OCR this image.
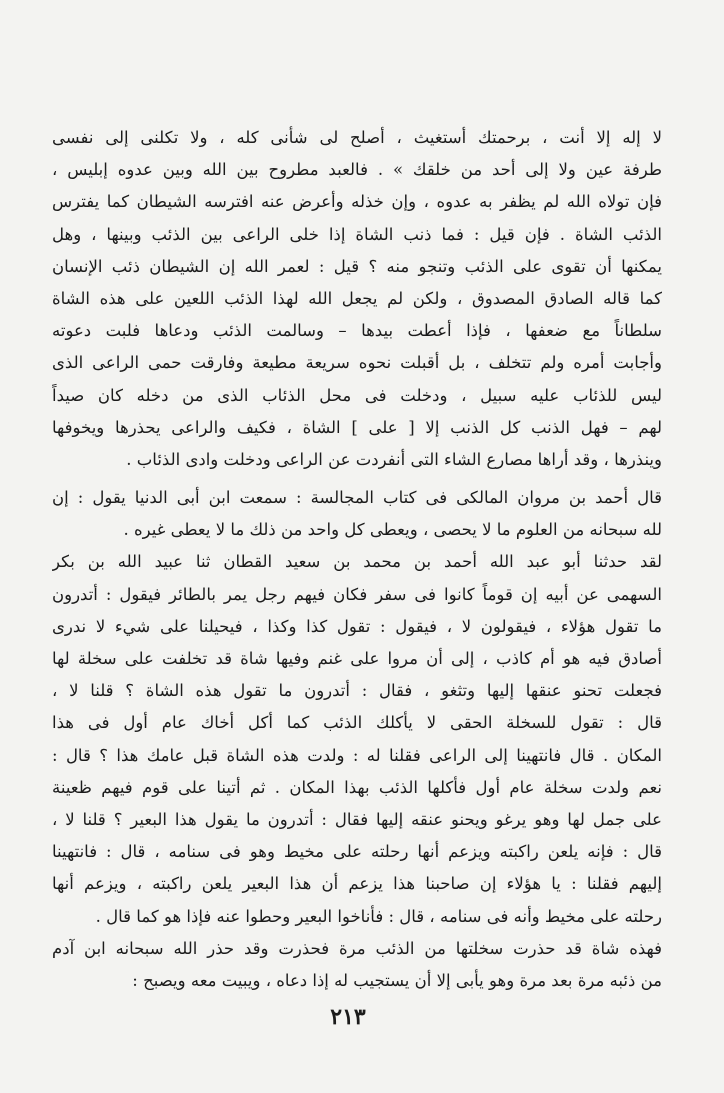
لا إله إلا أنت ، برحمتك أستغيث ، أصلح لى شأنى كله ، ولا تكلنى إلى نفسى
طرفة عين ولا إلى أحد من خلقك » . فالعبد مطروح بين الله وبين عدوه إبليس ،
فإن تولاه الله لم يظفر به عدوه ، وإن خذله وأعرض عنه افترسه الشيطان كما يفترس
الذئب الشاة . فإن قيل : فما ذنب الشاة إذا خلى الراعى بين الذئب وبينها ، وهل
يمكنها أن تقوى على الذئب وتنجو منه ؟ قيل : لعمر الله إن الشيطان ذئب الإنسان
كما قاله الصادق المصدوق ، ولكن لم يجعل الله لهذا الذئب اللعين على هذه الشاة
سلطاناً مع ضعفها ، فإذا أعطت بيدها – وسالمت الذئب ودعاها فلبت دعوته
وأجابت أمره ولم تتخلف ، بل أقبلت نحوه سريعة مطيعة وفارقت حمى الراعى الذى
ليس للذئاب عليه سبيل ، ودخلت فى محل الذئاب الذى من دخله كان صيداً
لهم – فهل الذنب كل الذنب إلا [ على ] الشاة ، فكيف والراعى يحذرها ويخوفها
وينذرها ، وقد أراها مصارع الشاء التى أنفردت عن الراعى ودخلت وادى الذئاب .
قال أحمد بن مروان المالكى فى كتاب المجالسة : سمعت ابن أبى الدنيا يقول : إن
لله سبحانه من العلوم ما لا يحصى ، ويعطى كل واحد من ذلك ما لا يعطى غيره .
لقد حدثنا أبو عبد الله أحمد بن محمد بن سعيد القطان ثنا عبيد الله بن بكر
السهمى عن أبيه إن قوماً كانوا فى سفر فكان فيهم رجل يمر بالطائر فيقول : أتدرون
ما تقول هؤلاء ، فيقولون لا ، فيقول : تقول كذا وكذا ، فيحيلنا على شيء لا ندرى
أصادق فيه هو أم كاذب ، إلى أن مروا على غنم وفيها شاة قد تخلفت على سخلة لها
فجعلت تحنو عنقها إليها وتثغو ، فقال : أتدرون ما تقول هذه الشاة ؟ قلنا لا ،
قال : تقول للسخلة الحقى لا يأكلك الذئب كما أكل أخاك عام أول فى هذا
المكان . قال فانتهينا إلى الراعى فقلنا له : ولدت هذه الشاة قبل عامك هذا ؟ قال :
نعم ولدت سخلة عام أول فأكلها الذئب بهذا المكان . ثم أتينا على قوم فيهم ظعينة
على جمل لها وهو يرغو ويحنو عنقه إليها فقال : أتدرون ما يقول هذا البعير ؟ قلنا لا ،
قال : فإنه يلعن راكبته ويزعم أنها رحلته على مخيط وهو فى سنامه ، قال : فانتهينا
إليهم فقلنا : يا هؤلاء إن صاحبنا هذا يزعم أن هذا البعير يلعن راكبته ، ويزعم أنها
رحلته على مخيط وأنه فى سنامه ، قال : فأناخوا البعير وحطوا عنه فإذا هو كما قال .
فهذه شاة قد حذرت سخلتها من الذئب مرة فحذرت وقد حذر الله سبحانه ابن آدم
من ذئبه مرة بعد مرة وهو يأبى إلا أن يستجيب له إذا دعاه ، ويبيت معه ويصبح :
٢١٣
